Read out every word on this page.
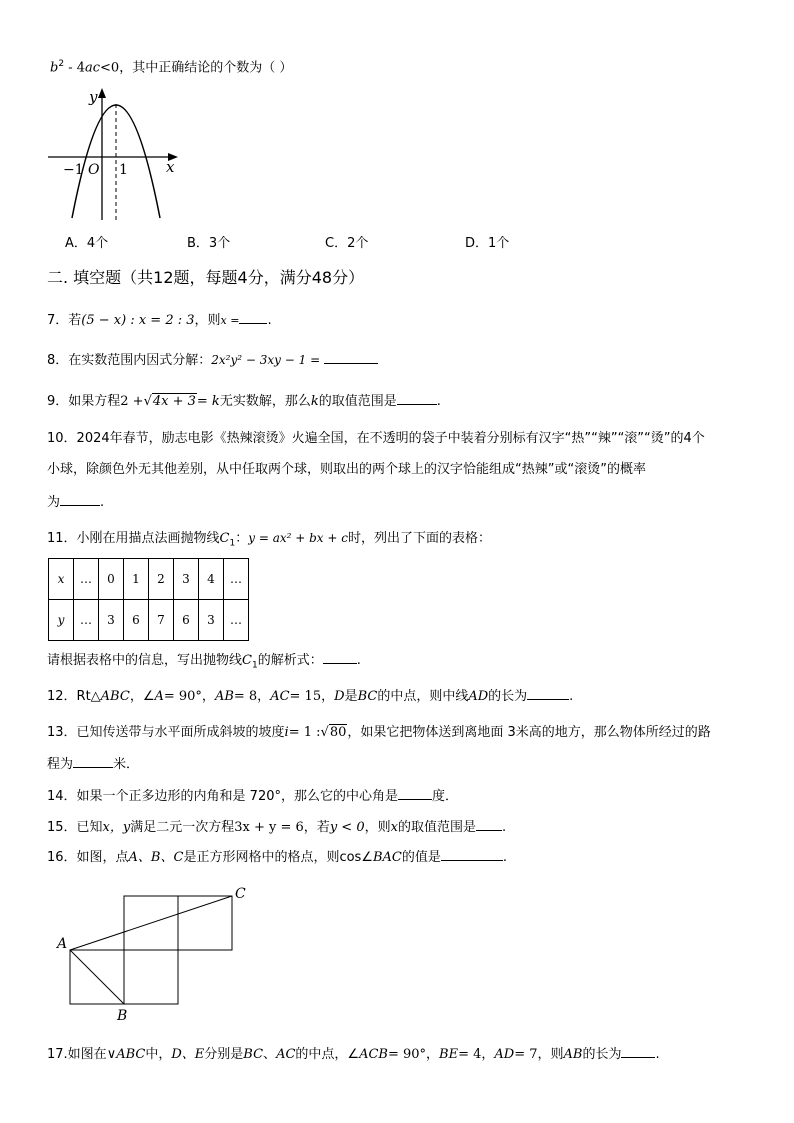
$b^2 - 4ac<0$，其中正确结论的个数为（ ）
y
x
O
−1	1
A．4个	B．3个	C．2个	D．1个
二. 填空题（共12题，每题4分，满分48分）
7．若(5 − x) : x = 2 : 3，则x = .
8．在实数范围内因式分解：2x²y² − 3xy − 1 =
9．如果方程2 +√4x + 3= k无实数解，那么k的取值范围是	.
10．2024年春节，励志电影《热辣滚烫》火遍全国，在不透明的袋子中装着分别标有汉字“热”“辣”“滚”“烫”的4个
小球，除颜色外无其他差别，从中任取两个球，则取出的两个球上的汉字恰能组成“热辣”或“滚烫”的概率
为	.
11．小刚在用描点法画抛物线$C_1$：y = ax² + bx + c时，列出了下面的表格：
x	…	0	1	2	3	4	…
y	…	3	6	7	6	3	…
请根据表格中的信息，写出抛物线$C_1$的解析式：	.
12．Rt△ABC，∠A= 90°，AB= 8，AC= 15，D是BC的中点，则中线AD的长为	.
13．已知传送带与水平面所成斜坡的坡度i= 1 :√80，如果它把物体送到离地面 3米高的地方，那么物体所经过的路
程为	米．
14．如果一个正多边形的内角和是 720°，那么它的中心角是	度．
15．已知x，y满足二元一次方程3x + y = 6，若y < 0，则x的取值范围是 .
16．如图，点A、B、C是正方形网格中的格点，则cos∠BAC的值是	.
A
B
C
17.如图在∨ABC中，D、E分别是BC、AC的中点，∠ACB= 90°，BE= 4，AD= 7，则AB的长为	.
